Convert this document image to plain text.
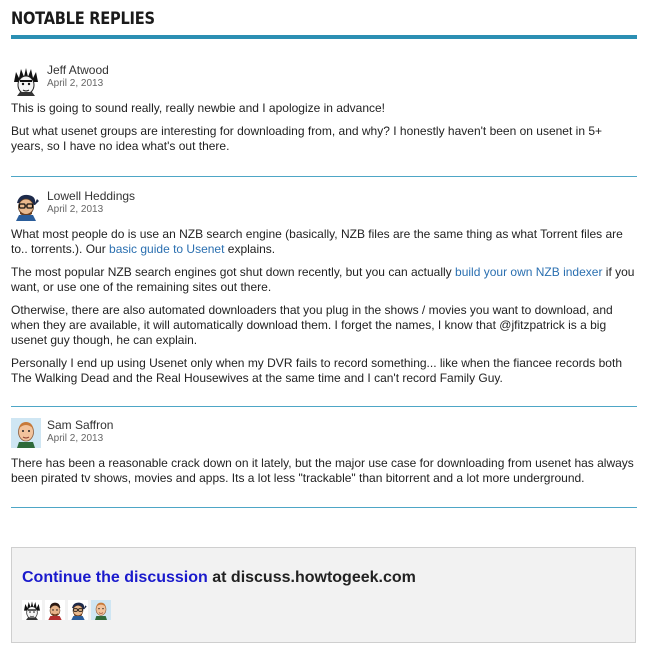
NOTABLE REPLIES
Jeff Atwood
April 2, 2013

This is going to sound really, really newbie and I apologize in advance!

But what usenet groups are interesting for downloading from, and why? I honestly haven't been on usenet in 5+ years, so I have no idea what's out there.

Lowell Heddings
April 2, 2013

What most people do is use an NZB search engine (basically, NZB files are the same thing as what Torrent files are to.. torrents.). Our basic guide to Usenet explains.

The most popular NZB search engines got shut down recently, but you can actually build your own NZB indexer if you want, or use one of the remaining sites out there.

Otherwise, there are also automated downloaders that you plug in the shows / movies you want to download, and when they are available, it will automatically download them. I forget the names, I know that @jfitzpatrick is a big usenet guy though, he can explain.

Personally I end up using Usenet only when my DVR fails to record something... like when the fiancee records both The Walking Dead and the Real Housewives at the same time and I can't record Family Guy.

Sam Saffron
April 2, 2013

There has been a reasonable crack down on it lately, but the major use case for downloading from usenet has always been pirated tv shows, movies and apps. Its a lot less "trackable" than bitorrent and a lot more underground.

Continue the discussion at discuss.howtogeek.com
